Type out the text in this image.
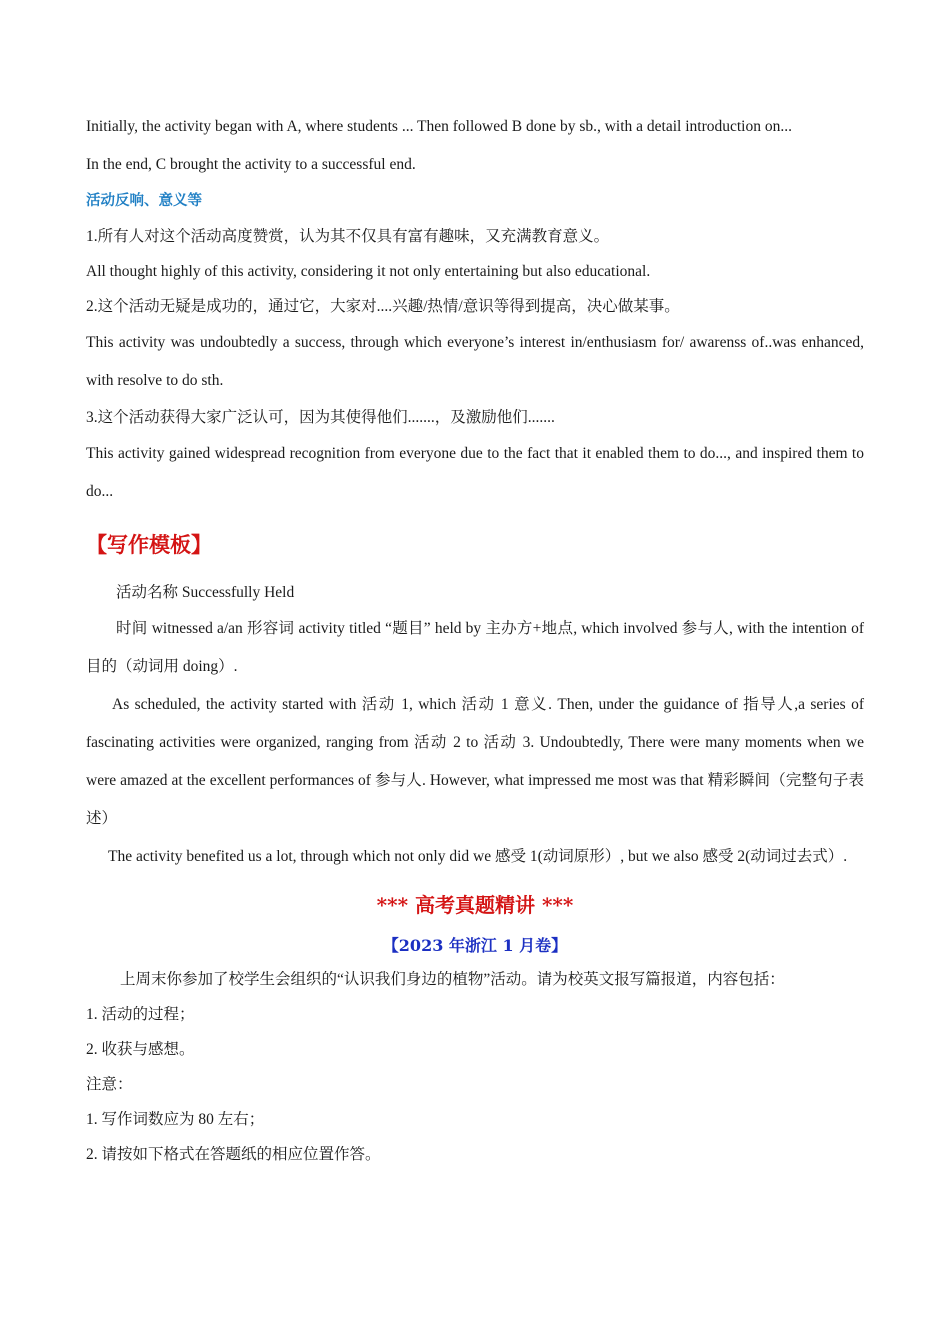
Initially, the activity began with A, where students ... Then followed B done by sb., with a detail introduction on...

In the end, C brought the activity to a successful end.

活动反响、意义等

1.所有人对这个活动高度赞赏，认为其不仅具有富有趣味，又充满教育意义。

All thought highly of this activity, considering it not only entertaining but also educational.

2.这个活动无疑是成功的，通过它，大家对....兴趣/热情/意识等得到提高，决心做某事。

This activity was undoubtedly a success, through which everyone’s interest in/enthusiasm for/ awarenss of..was enhanced, with resolve to do sth.

3.这个活动获得大家广泛认可，因为其使得他们.......，及激励他们.......

This activity gained widespread recognition from everyone due to the fact that it enabled them to do..., and inspired them to do...

【写作模板】

活动名称 Successfully Held

时间 witnessed a/an 形容词 activity titled “题目” held by 主办方+地点, which involved 参与人, with the intention of 目的（动词用 doing）.

As scheduled, the activity started with 活动 1, which 活动 1 意义. Then, under the guidance of 指导人,a series of fascinating activities were organized, ranging from 活动 2 to 活动 3. Undoubtedly, There were many moments when we were amazed at the excellent performances of 参与人. However, what impressed me most was that 精彩瞬间（完整句子表述）

The activity benefited us a lot, through which not only did we 感受 1(动词原形）, but we also 感受 2(动词过去式）.

*** 高考真题精讲 ***

【2023 年浙江 1 月卷】

上周末你参加了校学生会组织的“认识我们身边的植物”活动。请为校英文报写篇报道，内容包括：

1. 活动的过程；

2. 收获与感想。

注意：

1. 写作词数应为 80 左右；

2. 请按如下格式在答题纸的相应位置作答。
